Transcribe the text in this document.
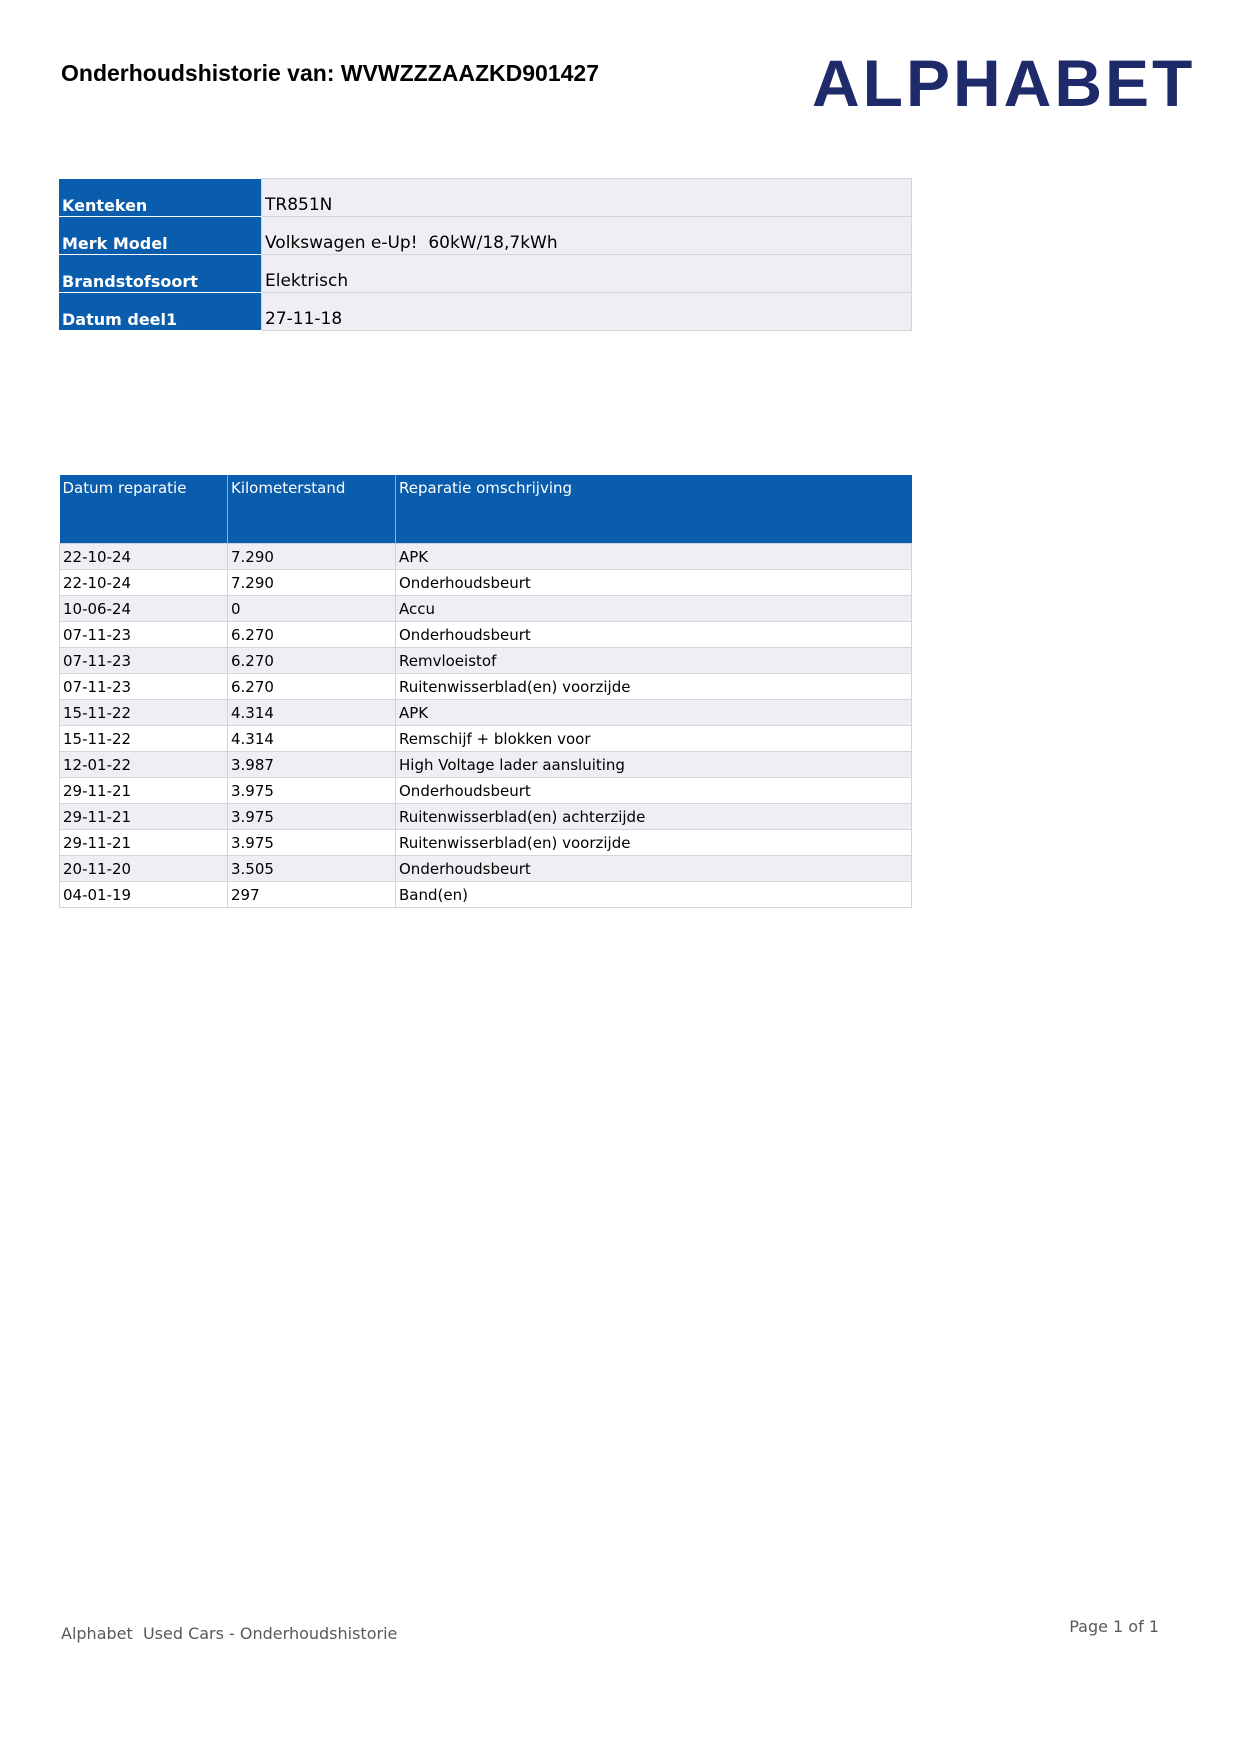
Onderhoudshistorie van: WVWZZZAAZKD901427	ALPHABET
Kenteken	TR851N
Merk Model	Volkswagen e-Up!  60kW/18,7kWh
Brandstofsoort	Elektrisch
Datum deel1	27-11-18
Datum reparatie	Kilometerstand	Reparatie omschrijving
22-10-24	7.290	APK
22-10-24	7.290	Onderhoudsbeurt
10-06-24	0	Accu
07-11-23	6.270	Onderhoudsbeurt
07-11-23	6.270	Remvloeistof
07-11-23	6.270	Ruitenwisserblad(en) voorzijde
15-11-22	4.314	APK
15-11-22	4.314	Remschijf + blokken voor
12-01-22	3.987	High Voltage lader aansluiting
29-11-21	3.975	Onderhoudsbeurt
29-11-21	3.975	Ruitenwisserblad(en) achterzijde
29-11-21	3.975	Ruitenwisserblad(en) voorzijde
20-11-20	3.505	Onderhoudsbeurt
04-01-19	297	Band(en)
Alphabet  Used Cars - Onderhoudshistorie	Page 1 of 1
